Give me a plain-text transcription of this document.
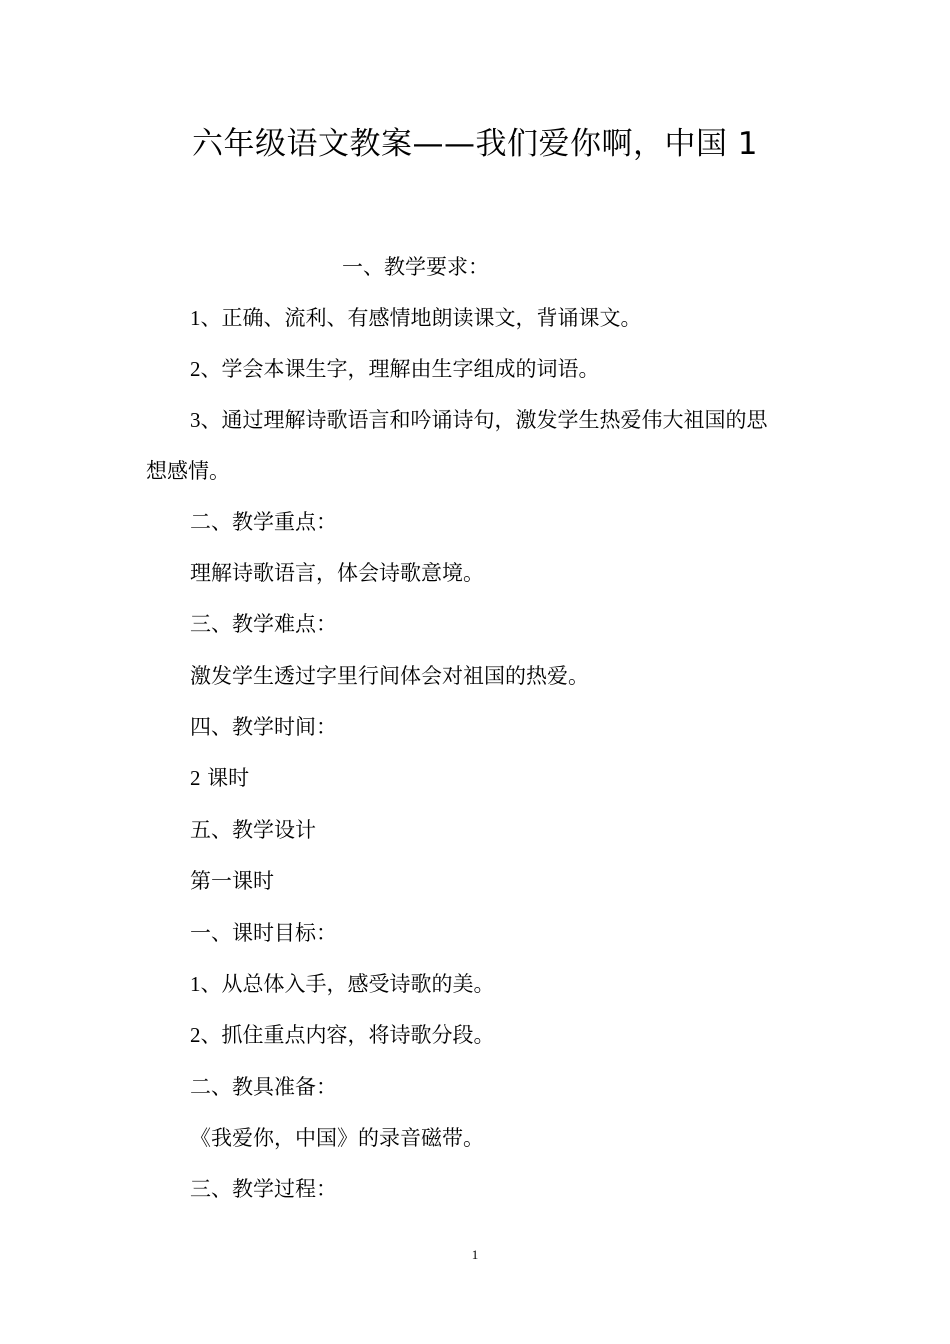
六年级语文教案——我们爱你啊，中国 1
一、教学要求：
1、正确、流利、有感情地朗读课文，背诵课文。
2、学会本课生字，理解由生字组成的词语。
3、通过理解诗歌语言和吟诵诗句，激发学生热爱伟大祖国的思
想感情。
二、教学重点：
理解诗歌语言，体会诗歌意境。
三、教学难点：
激发学生透过字里行间体会对祖国的热爱。
四、教学时间：
2 课时
五、教学设计
第一课时
一、课时目标：
1、从总体入手，感受诗歌的美。
2、抓住重点内容，将诗歌分段。
二、教具准备：
《我爱你，中国》的录音磁带。
三、教学过程：
1
